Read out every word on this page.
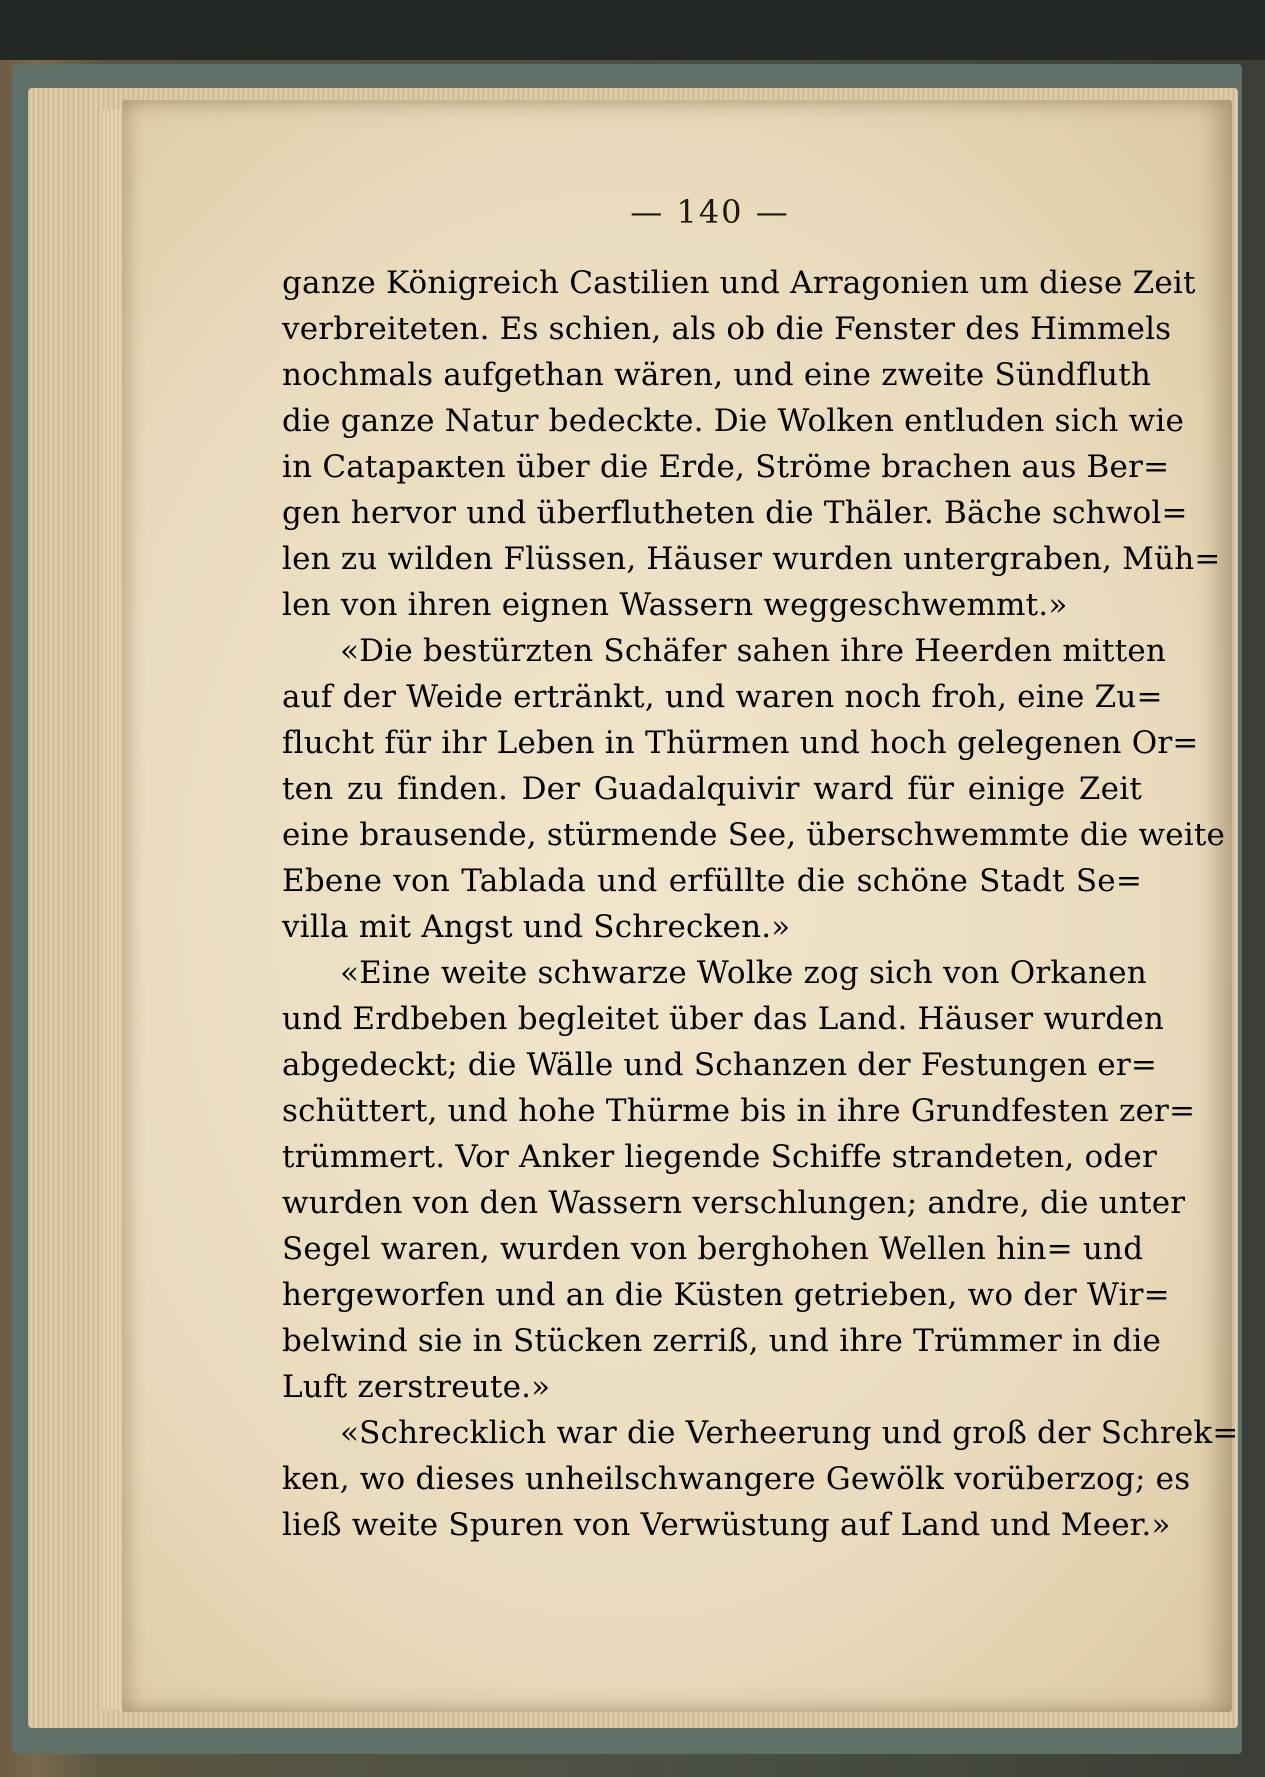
— 140 —
ganze Königreich Castilien und Arragonien um diese Zeit
verbreiteten. Es schien, als ob die Fenster des Himmels
nochmals aufgethan wären, und eine zweite Sündfluth
die ganze Natur bedeckte. Die Wolken entluden sich wie
in Cataракten über die Erde, Ströme brachen aus Ber=
gen hervor und überflutheten die Thäler. Bäche schwol=
len zu wilden Flüssen, Häuser wurden untergraben, Müh=
len von ihren eignen Wassern weggeschwemmt.»
«Die bestürzten Schäfer sahen ihre Heerden mitten
auf der Weide ertränkt, und waren noch froh, eine Zu=
flucht für ihr Leben in Thürmen und hoch gelegenen Or=
ten zu finden. Der Guadalquivir ward für einige Zeit
eine brausende, stürmende See, überschwemmte die weite
Ebene von Tablada und erfüllte die schöne Stadt Se=
villa mit Angst und Schrecken.»
«Eine weite schwarze Wolke zog sich von Orkanen
und Erdbeben begleitet über das Land. Häuser wurden
abgedeckt; die Wälle und Schanzen der Festungen er=
schüttert, und hohe Thürme bis in ihre Grundfesten zer=
trümmert. Vor Anker liegende Schiffe strandeten, oder
wurden von den Wassern verschlungen; andre, die unter
Segel waren, wurden von berghohen Wellen hin= und
hergeworfen und an die Küsten getrieben, wo der Wir=
belwind sie in Stücken zerriß, und ihre Trümmer in die
Luft zerstreute.»
«Schrecklich war die Verheerung und groß der Schrek=
ken, wo dieses unheilschwangere Gewölk vorüberzog; es
ließ weite Spuren von Verwüstung auf Land und Meer.»
